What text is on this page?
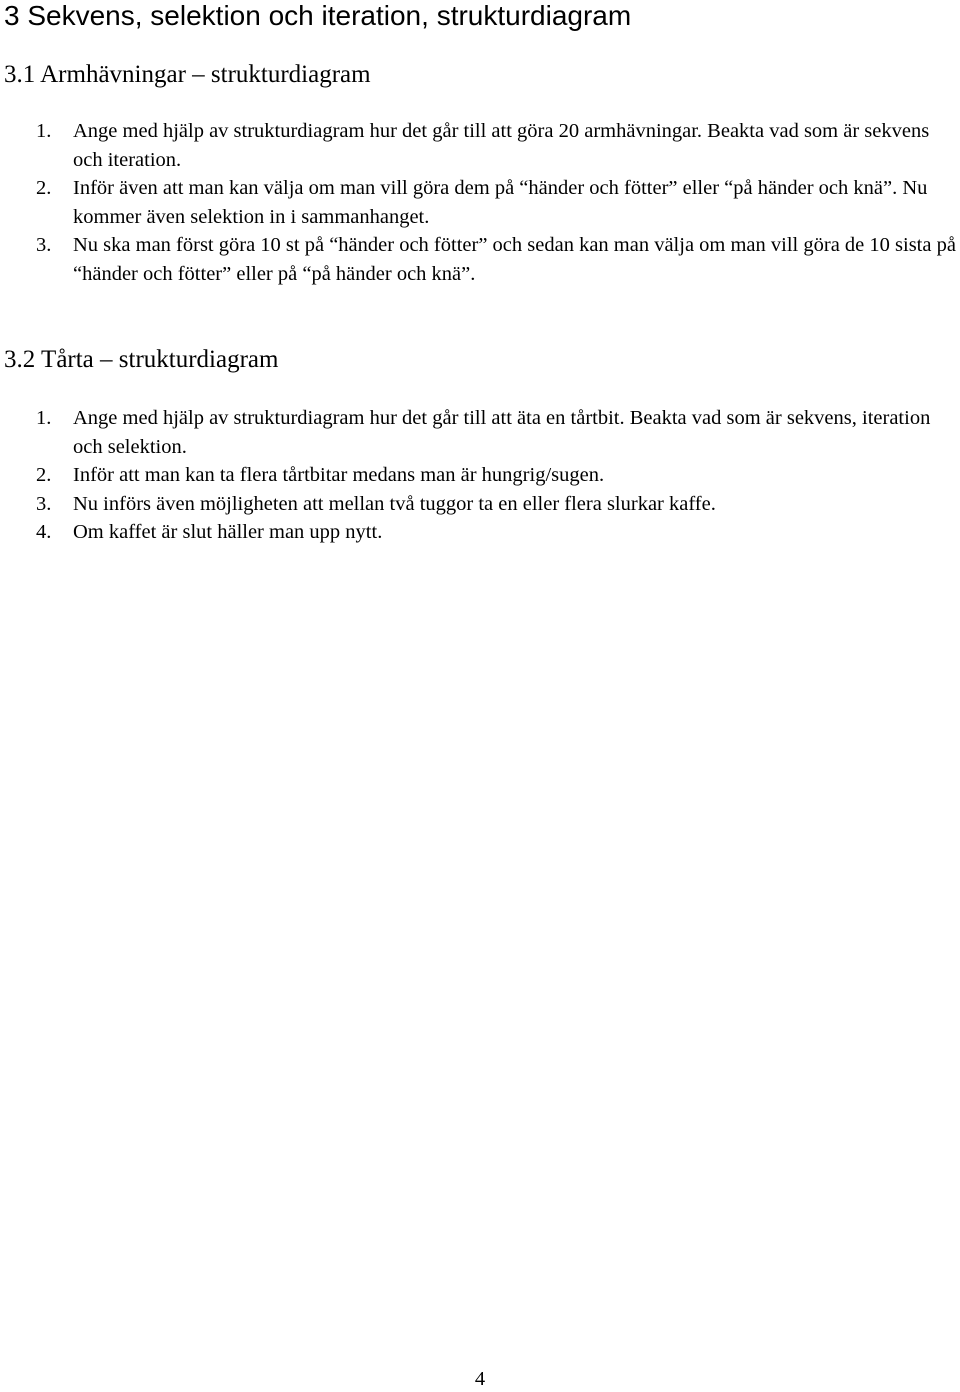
3 Sekvens, selektion och iteration, strukturdiagram
3.1 Armhävningar – strukturdiagram
1. Ange med hjälp av strukturdiagram hur det går till att göra 20 armhävningar. Beakta vad som är sekvens och iteration.
2. Inför även att man kan välja om man vill göra dem på “händer och fötter” eller “på händer och knä”. Nu kommer även selektion in i sammanhanget.
3. Nu ska man först göra 10 st på “händer och fötter” och sedan kan man välja om man vill göra de 10 sista på “händer och fötter” eller på “på händer och knä”.
3.2 Tårta – strukturdiagram
1. Ange med hjälp av strukturdiagram hur det går till att äta en tårtbit. Beakta vad som är sekvens, iteration och selektion.
2. Inför att man kan ta flera tårtbitar medans man är hungrig/sugen.
3. Nu införs även möjligheten att mellan två tuggor ta en eller flera slurkar kaffe.
4. Om kaffet är slut häller man upp nytt.
4
